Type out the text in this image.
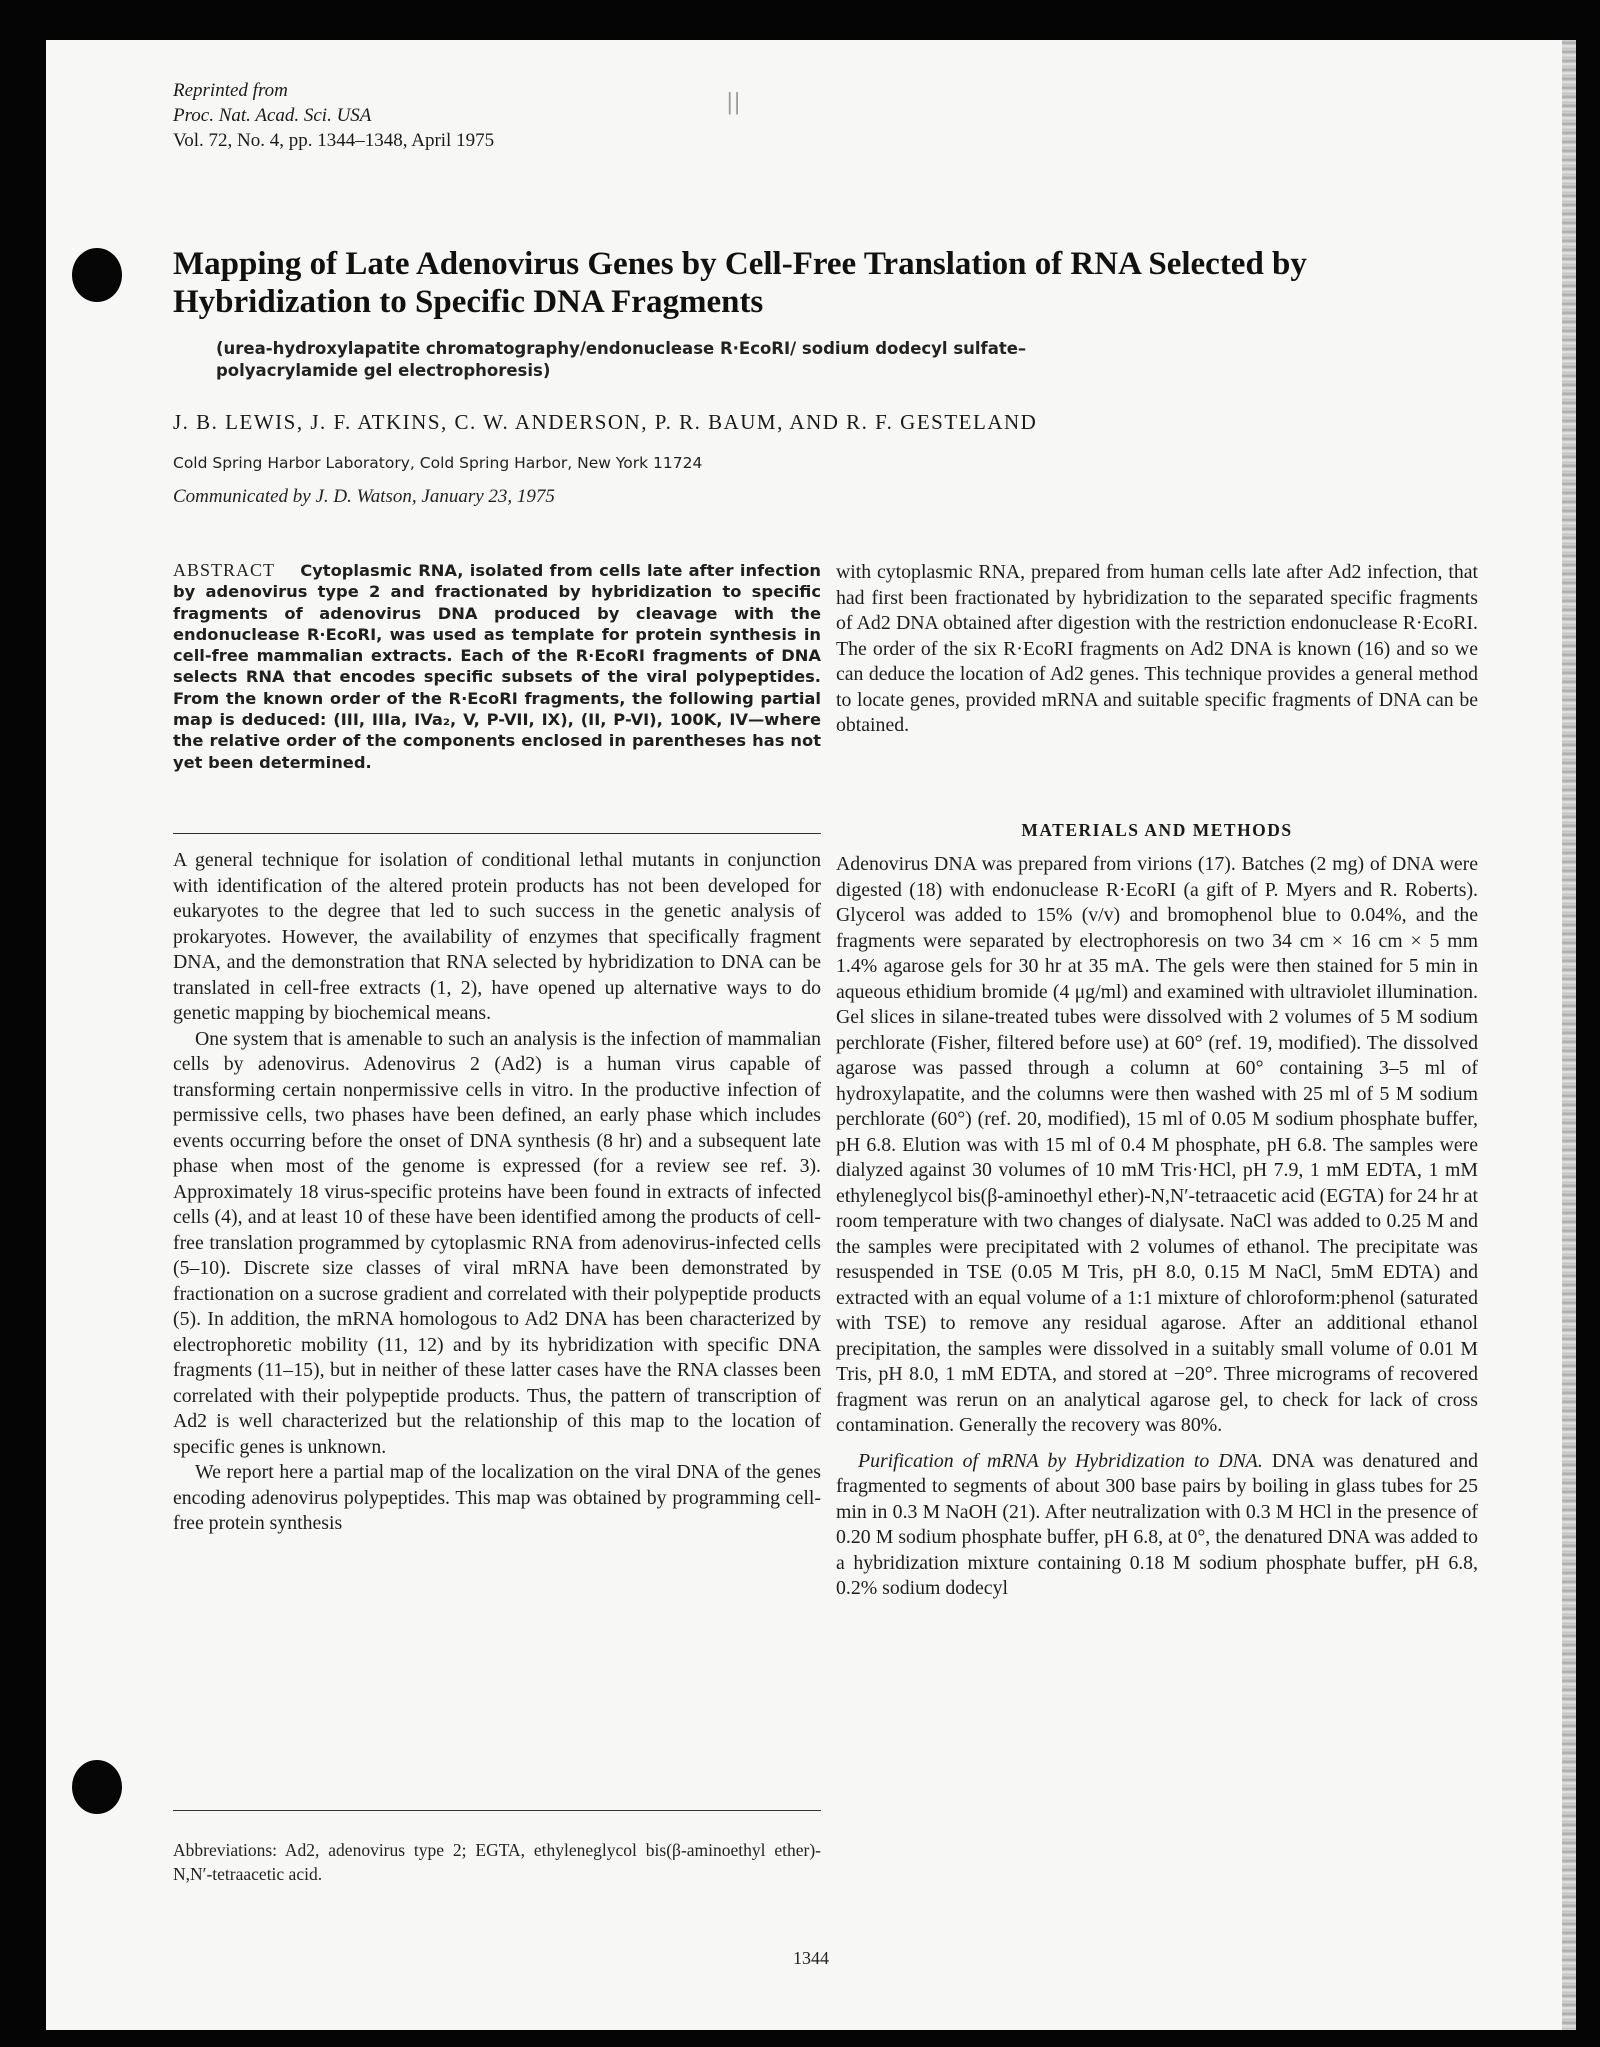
Reprinted from
Proc. Nat. Acad. Sci. USA
Vol. 72, No. 4, pp. 1344–1348, April 1975
||
Mapping of Late Adenovirus Genes by Cell-Free Translation of RNA Selected by Hybridization to Specific DNA Fragments
(urea-hydroxylapatite chromatography/endonuclease R·EcoRI/ sodium dodecyl sulfate–polyacrylamide gel electrophoresis)
J. B. LEWIS, J. F. ATKINS, C. W. ANDERSON, P. R. BAUM, AND R. F. GESTELAND
Cold Spring Harbor Laboratory, Cold Spring Harbor, New York 11724
Communicated by J. D. Watson, January 23, 1975
ABSTRACT Cytoplasmic RNA, isolated from cells late after infection by adenovirus type 2 and fractionated by hybridization to specific fragments of adenovirus DNA produced by cleavage with the endonuclease R·EcoRI, was used as template for protein synthesis in cell-free mammalian extracts. Each of the R·EcoRI fragments of DNA selects RNA that encodes specific subsets of the viral polypeptides. From the known order of the R·EcoRI fragments, the following partial map is deduced: (III, IIIa, IVa₂, V, P-VII, IX), (II, P-VI), 100K, IV—where the relative order of the components enclosed in parentheses has not yet been determined.

A general technique for isolation of conditional lethal mutants in conjunction with identification of the altered protein products has not been developed for eukaryotes to the degree that led to such success in the genetic analysis of prokaryotes. However, the availability of enzymes that specifically fragment DNA, and the demonstration that RNA selected by hybridization to DNA can be translated in cell-free extracts (1, 2), have opened up alternative ways to do genetic mapping by biochemical means.

One system that is amenable to such an analysis is the infection of mammalian cells by adenovirus. Adenovirus 2 (Ad2) is a human virus capable of transforming certain nonpermissive cells in vitro. In the productive infection of permissive cells, two phases have been defined, an early phase which includes events occurring before the onset of DNA synthesis (8 hr) and a subsequent late phase when most of the genome is expressed (for a review see ref. 3). Approximately 18 virus-specific proteins have been found in extracts of infected cells (4), and at least 10 of these have been identified among the products of cell-free translation programmed by cytoplasmic RNA from adenovirus-infected cells (5–10). Discrete size classes of viral mRNA have been demonstrated by fractionation on a sucrose gradient and correlated with their polypeptide products (5). In addition, the mRNA homologous to Ad2 DNA has been characterized by electrophoretic mobility (11, 12) and by its hybridization with specific DNA fragments (11–15), but in neither of these latter cases have the RNA classes been correlated with their polypeptide products. Thus, the pattern of transcription of Ad2 is well characterized but the relationship of this map to the location of specific genes is unknown.

We report here a partial map of the localization on the viral DNA of the genes encoding adenovirus polypeptides. This map was obtained by programming cell-free protein synthesis

Abbreviations: Ad2, adenovirus type 2; EGTA, ethyleneglycol bis(β-aminoethyl ether)-N,N′-tetraacetic acid.

with cytoplasmic RNA, prepared from human cells late after Ad2 infection, that had first been fractionated by hybridization to the separated specific fragments of Ad2 DNA obtained after digestion with the restriction endonuclease R·EcoRI. The order of the six R·EcoRI fragments on Ad2 DNA is known (16) and so we can deduce the location of Ad2 genes. This technique provides a general method to locate genes, provided mRNA and suitable specific fragments of DNA can be obtained.

MATERIALS AND METHODS

Adenovirus DNA was prepared from virions (17). Batches (2 mg) of DNA were digested (18) with endonuclease R·EcoRI (a gift of P. Myers and R. Roberts). Glycerol was added to 15% (v/v) and bromophenol blue to 0.04%, and the fragments were separated by electrophoresis on two 34 cm × 16 cm × 5 mm 1.4% agarose gels for 30 hr at 35 mA. The gels were then stained for 5 min in aqueous ethidium bromide (4 μg/ml) and examined with ultraviolet illumination. Gel slices in silane-treated tubes were dissolved with 2 volumes of 5 M sodium perchlorate (Fisher, filtered before use) at 60° (ref. 19, modified). The dissolved agarose was passed through a column at 60° containing 3–5 ml of hydroxylapatite, and the columns were then washed with 25 ml of 5 M sodium perchlorate (60°) (ref. 20, modified), 15 ml of 0.05 M sodium phosphate buffer, pH 6.8. Elution was with 15 ml of 0.4 M phosphate, pH 6.8. The samples were dialyzed against 30 volumes of 10 mM Tris·HCl, pH 7.9, 1 mM EDTA, 1 mM ethyleneglycol bis(β-aminoethyl ether)-N,N′-tetraacetic acid (EGTA) for 24 hr at room temperature with two changes of dialysate. NaCl was added to 0.25 M and the samples were precipitated with 2 volumes of ethanol. The precipitate was resuspended in TSE (0.05 M Tris, pH 8.0, 0.15 M NaCl, 5mM EDTA) and extracted with an equal volume of a 1:1 mixture of chloroform:phenol (saturated with TSE) to remove any residual agarose. After an additional ethanol precipitation, the samples were dissolved in a suitably small volume of 0.01 M Tris, pH 8.0, 1 mM EDTA, and stored at −20°. Three micrograms of recovered fragment was rerun on an analytical agarose gel, to check for lack of cross contamination. Generally the recovery was 80%.

Purification of mRNA by Hybridization to DNA. DNA was denatured and fragmented to segments of about 300 base pairs by boiling in glass tubes for 25 min in 0.3 M NaOH (21). After neutralization with 0.3 M HCl in the presence of 0.20 M sodium phosphate buffer, pH 6.8, at 0°, the denatured DNA was added to a hybridization mixture containing 0.18 M sodium phosphate buffer, pH 6.8, 0.2% sodium dodecyl

1344
